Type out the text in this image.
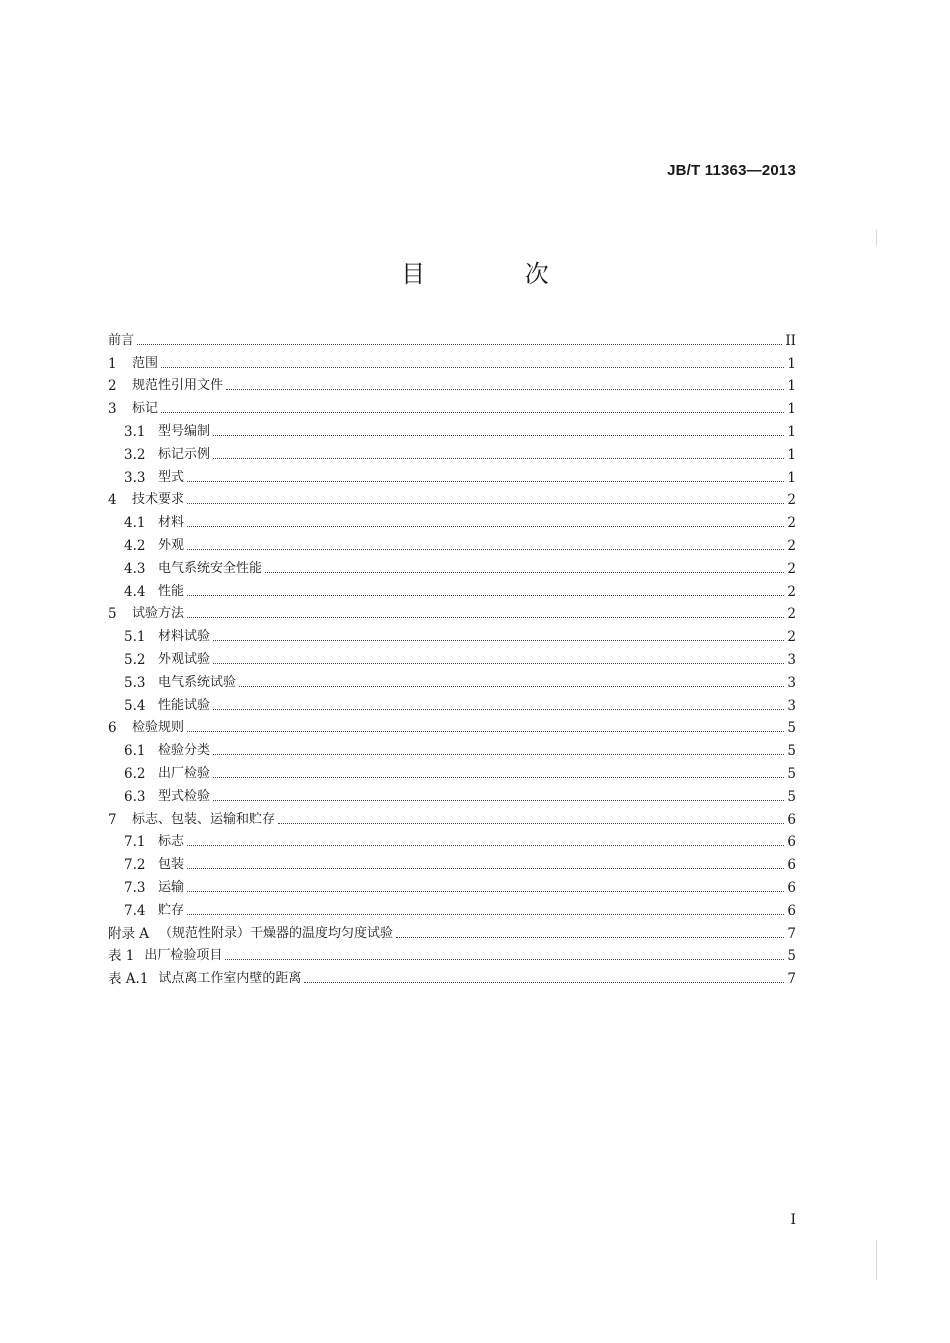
JB/T 11363—2013
目 次
前言	II
1	范围	1
2	规范性引用文件	1
3	标记	1
3.1 型号编制	1
3.2 标记示例	1
3.3 型式	1
4	技术要求	2
4.1 材料	2
4.2 外观	2
4.3 电气系统安全性能	2
4.4 性能	2
5	试验方法	2
5.1 材料试验	2
5.2 外观试验	3
5.3 电气系统试验	3
5.4 性能试验	3
6	检验规则	5
6.1 检验分类	5
6.2 出厂检验	5
6.3 型式检验	5
7	标志、包装、运输和贮存	6
7.1 标志	6
7.2 包装	6
7.3 运输	6
7.4 贮存	6
附录 A （规范性附录）干燥器的温度均匀度试验	7
表 1 出厂检验项目	5
表 A.1 试点离工作室内壁的距离	7
I
